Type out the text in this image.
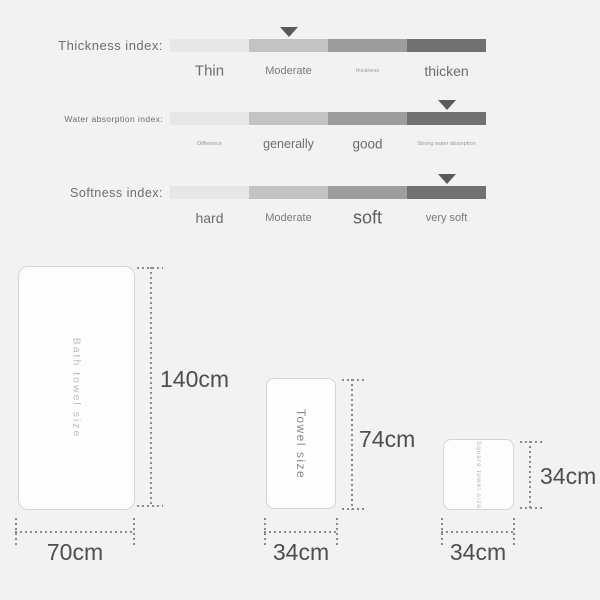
Thickness index:
Thin	Moderate	thickness	thicken
Water absorption index:
Difference	generally	good	Strong water absorption
Softness index:
hard	Moderate soft	very soft
Bath towel size	140cm
70cm
Towel size 74cm
34cm
Square towel size	34cm
34cm
